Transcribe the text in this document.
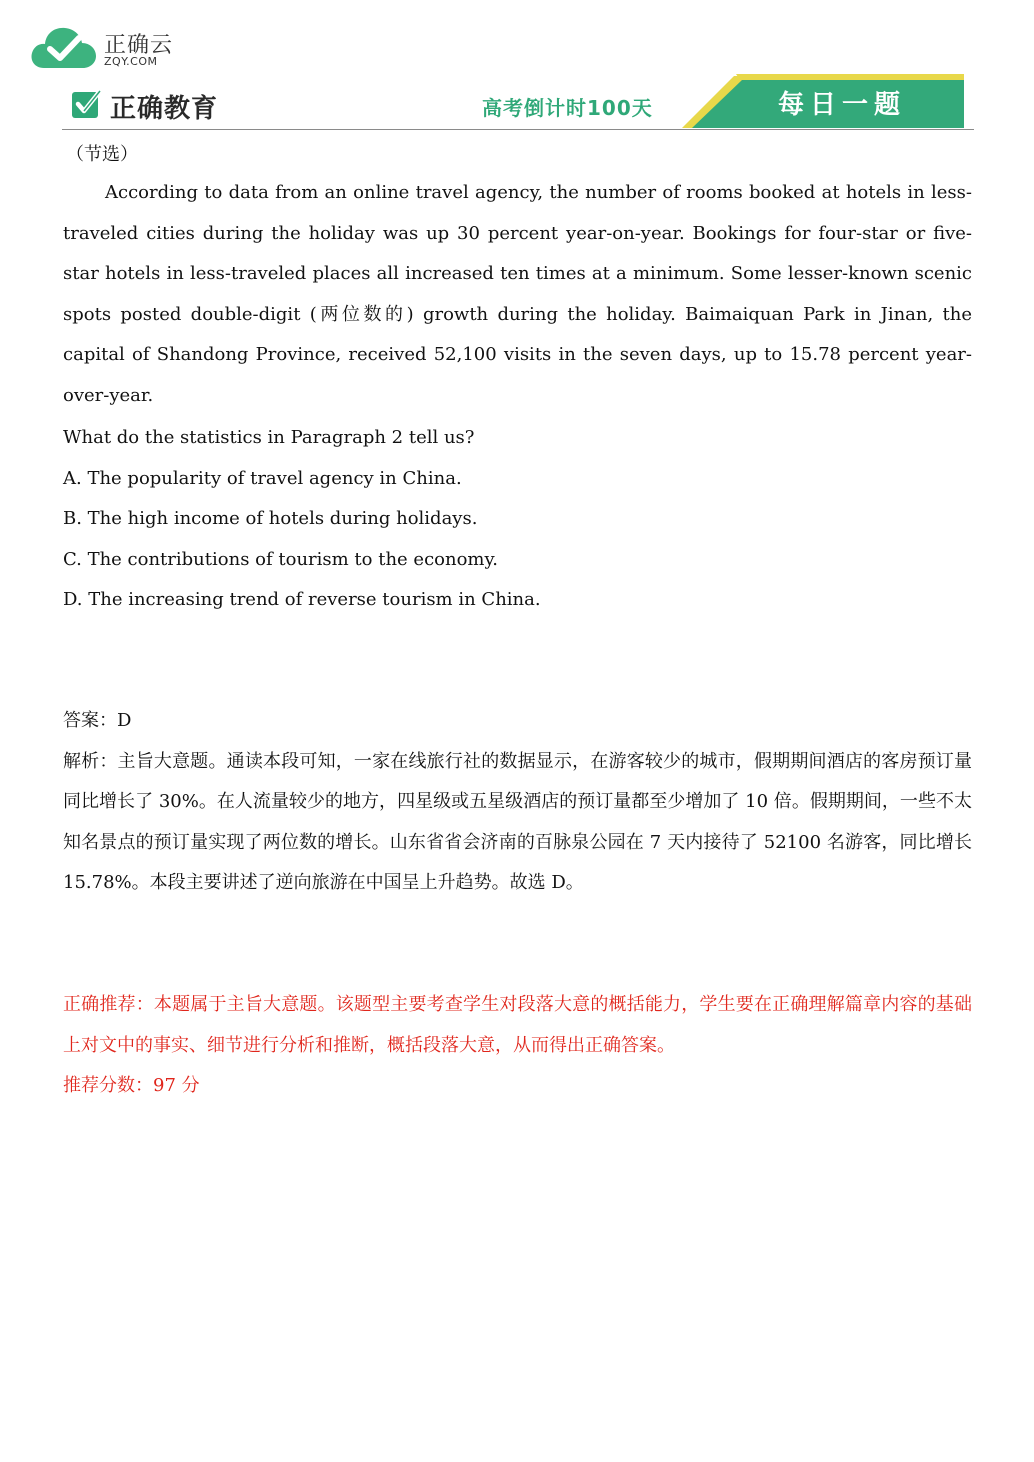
正确云
ZQY.COM
正确教育	高考倒计时100天	每日一题
（节选）

According to data from an online travel agency, the number of rooms booked at hotels in less-traveled cities during the holiday was up 30 percent year-on-year. Bookings for four-star or five-star hotels in less-traveled places all increased ten times at a minimum. Some lesser-known scenic spots posted double-digit (两位数的) growth during the holiday. Baimaiquan Park in Jinan, the capital of Shandong Province, received 52,100 visits in the seven days, up to 15.78 percent year-over-year.

What do the statistics in Paragraph 2 tell us?
A. The popularity of travel agency in China.
B. The high income of hotels during holidays.
C. The contributions of tourism to the economy.
D. The increasing trend of reverse tourism in China.
答案：D

解析：主旨大意题。通读本段可知，一家在线旅行社的数据显示，在游客较少的城市，假期期间酒店的客房预订量同比增长了 30%。在人流量较少的地方，四星级或五星级酒店的预订量都至少增加了 10 倍。假期期间，一些不太知名景点的预订量实现了两位数的增长。山东省省会济南的百脉泉公园在 7 天内接待了 52100 名游客，同比增长 15.78%。本段主要讲述了逆向旅游在中国呈上升趋势。故选 D。

正确推荐：本题属于主旨大意题。该题型主要考查学生对段落大意的概括能力，学生要在正确理解篇章内容的基础上对文中的事实、细节进行分析和推断，概括段落大意，从而得出正确答案。

推荐分数：97 分
